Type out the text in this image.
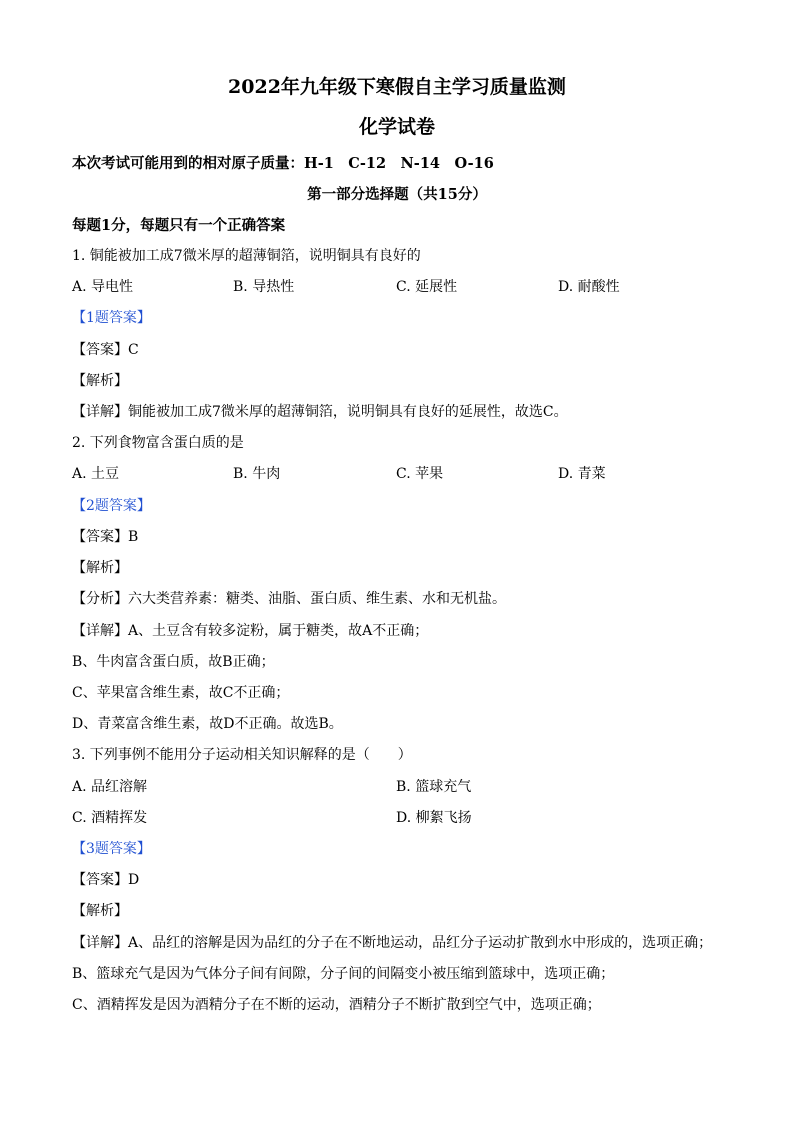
2022年九年级下寒假自主学习质量监测
化学试卷
本次考试可能用到的相对原子质量：H-1　C-12　N-14　O-16
第一部分选择题（共15分）
每题1分，每题只有一个正确答案
1. 铜能被加工成7微米厚的超薄铜箔，说明铜具有良好的
A. 导电性	B. 导热性	C. 延展性	D. 耐酸性
【1题答案】
【答案】C
【解析】
【详解】铜能被加工成7微米厚的超薄铜箔，说明铜具有良好的延展性，故选C。
2. 下列食物富含蛋白质的是
A. 土豆	B. 牛肉	C. 苹果	D. 青菜
【2题答案】
【答案】B
【解析】
【分析】六大类营养素：糖类、油脂、蛋白质、维生素、水和无机盐。
【详解】A、土豆含有较多淀粉，属于糖类，故A不正确；
B、牛肉富含蛋白质，故B正确；
C、苹果富含维生素，故C不正确；
D、青菜富含维生素，故D不正确。故选B。
3. 下列事例不能用分子运动相关知识解释的是（　　）
A. 品红溶解	B. 篮球充气
C. 酒精挥发	D. 柳絮飞扬
【3题答案】
【答案】D
【解析】
【详解】A、品红的溶解是因为品红的分子在不断地运动，品红分子运动扩散到水中形成的，选项正确；
B、篮球充气是因为气体分子间有间隙，分子间的间隔变小被压缩到篮球中，选项正确；
C、酒精挥发是因为酒精分子在不断的运动，酒精分子不断扩散到空气中，选项正确；
